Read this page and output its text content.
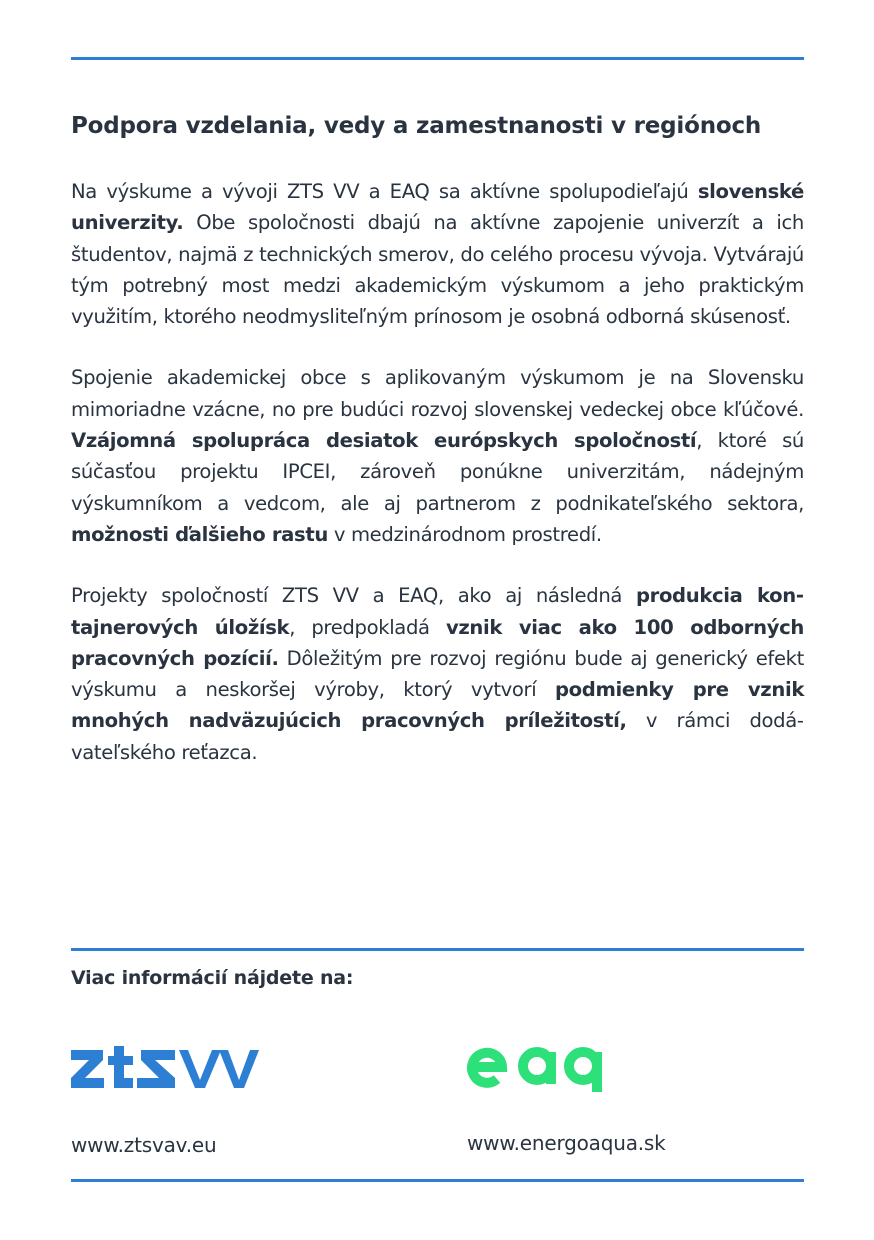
Podpora vzdelania, vedy a zamestnanosti v regiónoch

Na výskume a vývoji ZTS VV a EAQ sa aktívne spolupodieľajú slovenské univerzity. Obe spoločnosti dbajú na aktívne zapojenie univerzít a ich študentov, najmä z technických smerov, do celého procesu vývoja. Vytvárajú tým potrebný most medzi akademickým výskumom a jeho praktickým využitím, ktorého neodmysliteľným prínosom je osobná odborná skúsenosť.

Spojenie akademickej obce s aplikovaným výskumom je na Slovensku mimoriadne vzácne, no pre budúci rozvoj slovenskej vedeckej obce kľúčové. Vzájomná spolupráca desiatok európskych spoločností, ktoré sú súčasťou projektu IPCEI, zároveň ponúkne univerzitám, nádejným výskumníkom a vedcom, ale aj partnerom z podnikateľského sektora, možnosti ďalšieho rastu v medzinárodnom prostredí.

Projekty spoločností ZTS VV a EAQ, ako aj následná produkcia kontajnerových úložísk, predpokladá vznik viac ako 100 odborných pracovných pozícií. Dôležitým pre rozvoj regiónu bude aj generický efekt výskumu a neskoršej výroby, ktorý vytvorí podmienky pre vznik mnohých nadväzujúcich pracovných príležitostí, v rámci dodávateľského reťazca.

Viac informácií nájdete na:

www.ztsvav.eu	www.energoaqua.sk
